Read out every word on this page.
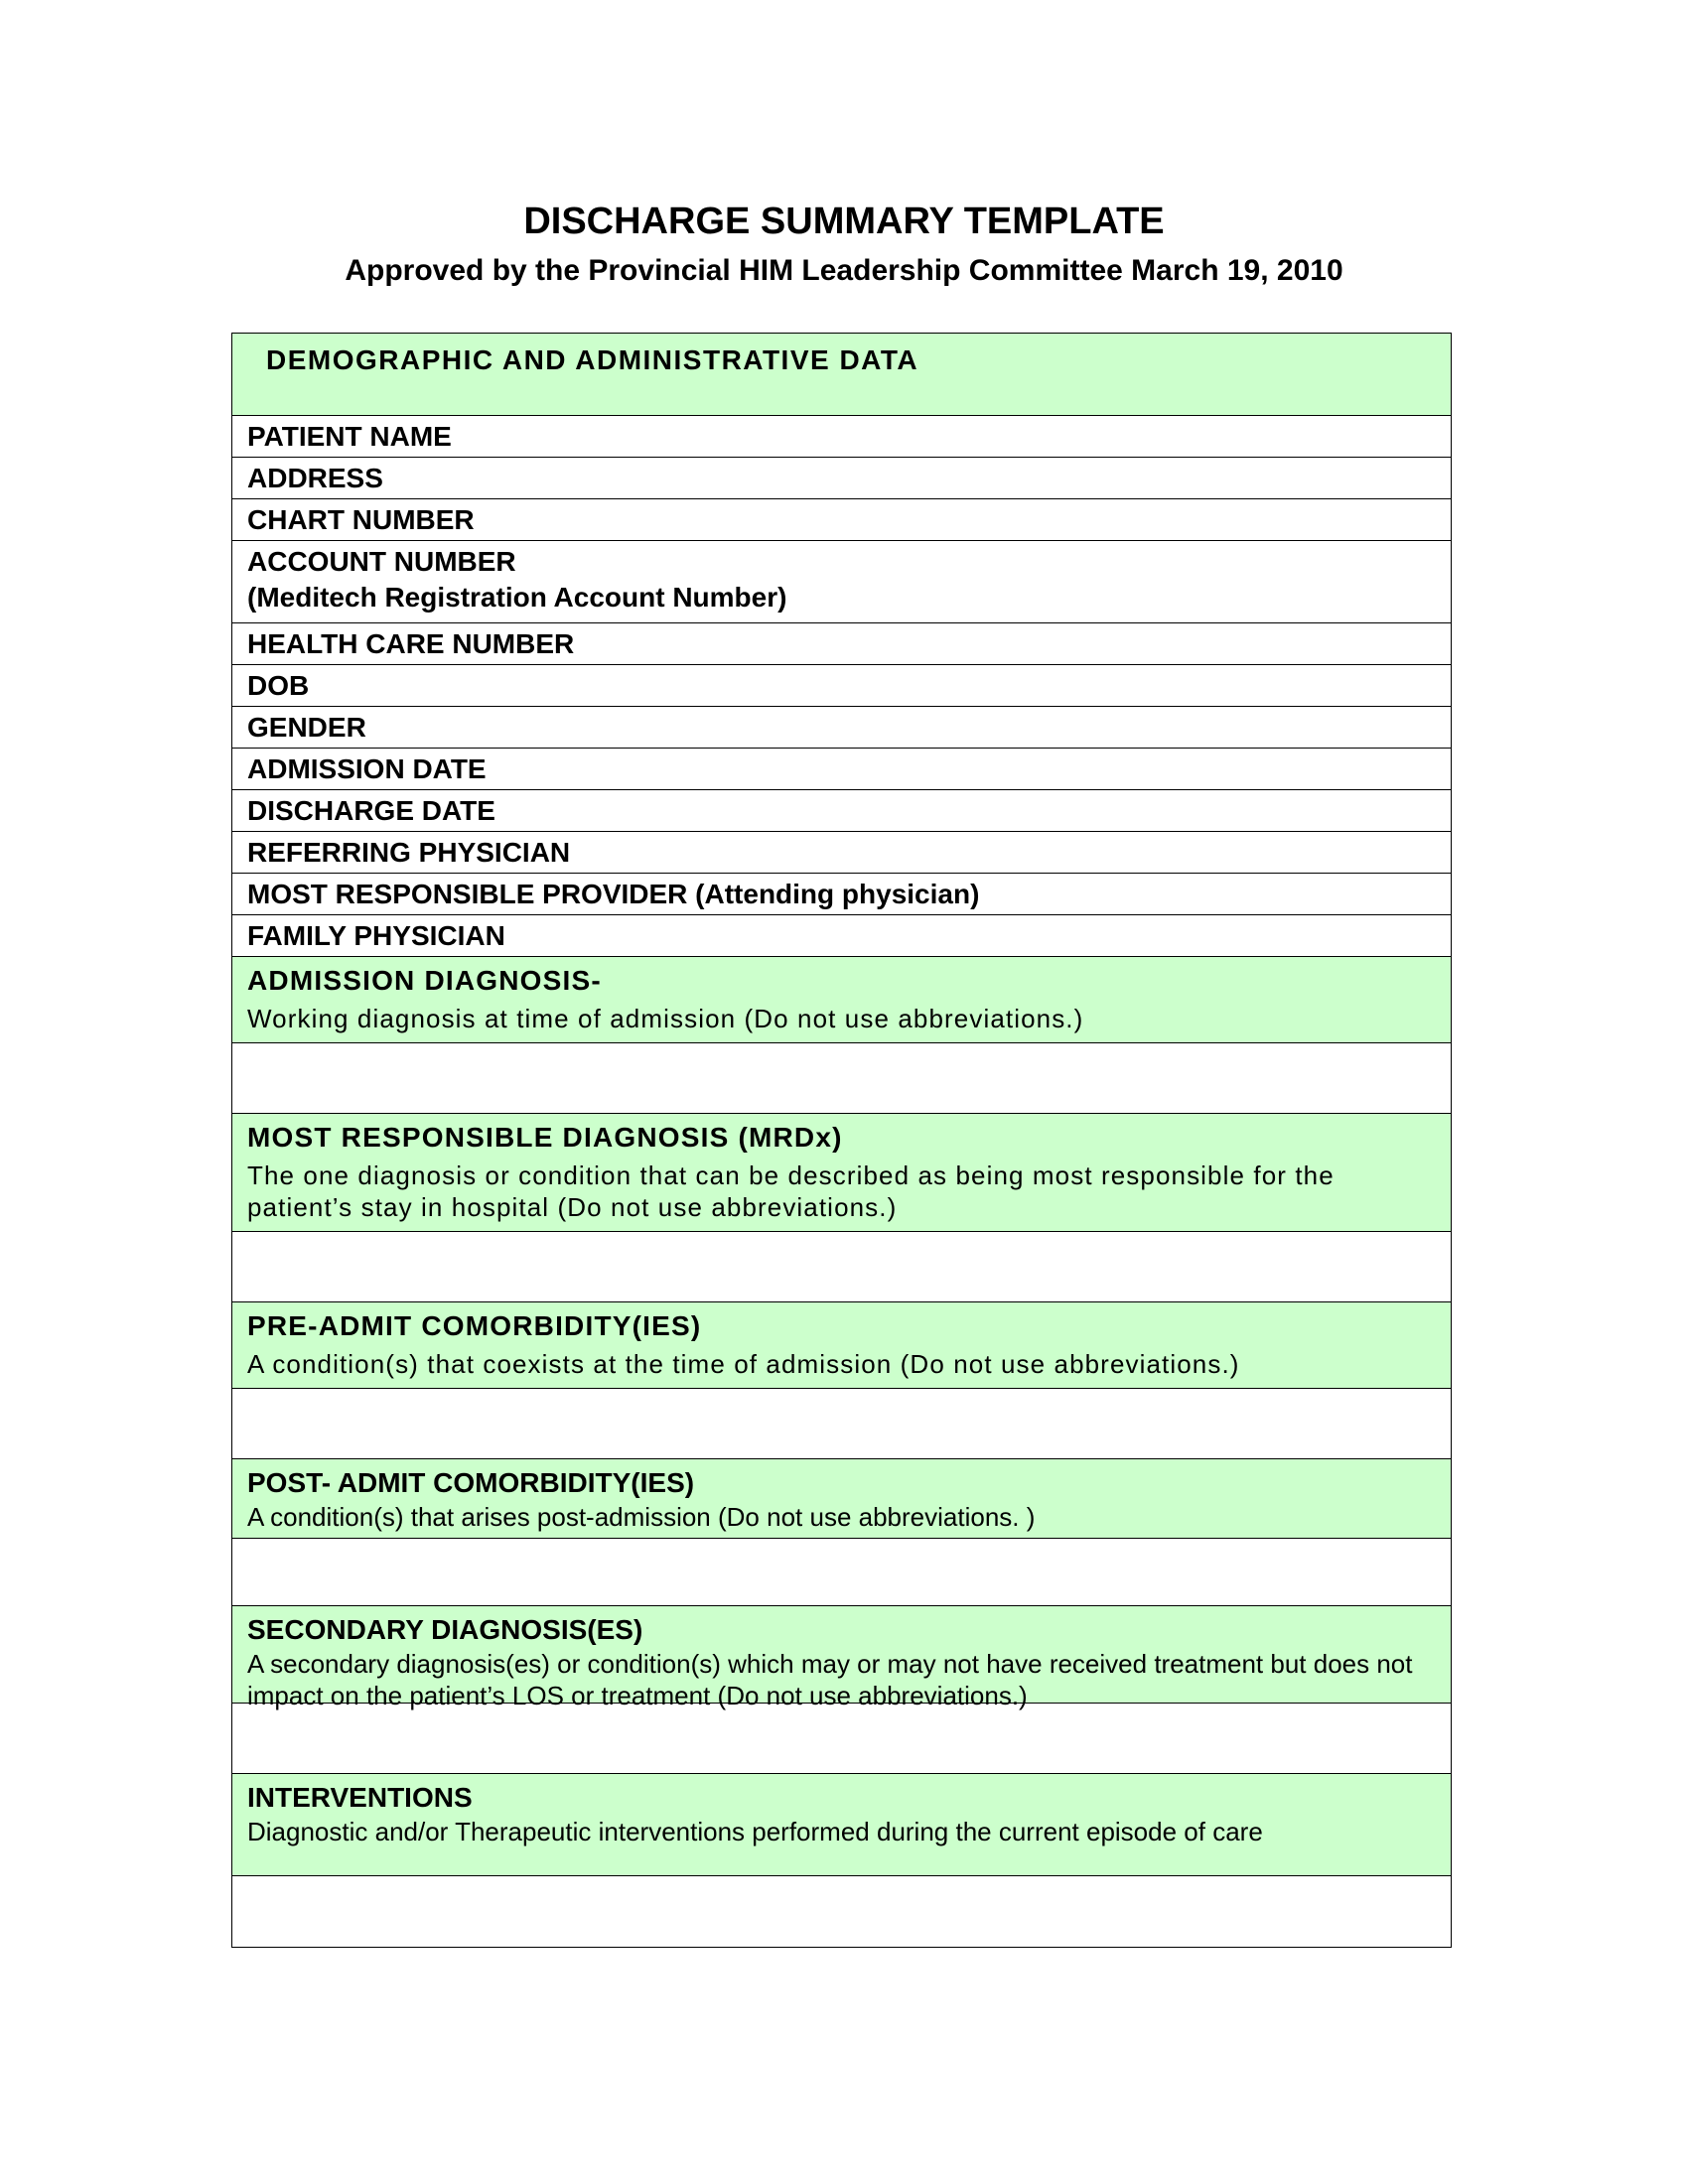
DISCHARGE SUMMARY TEMPLATE
Approved by the Provincial HIM Leadership Committee March 19, 2010
DEMOGRAPHIC AND ADMINISTRATIVE DATA
PATIENT NAME
ADDRESS
CHART NUMBER
ACCOUNT NUMBER
(Meditech Registration Account Number)
HEALTH CARE NUMBER
DOB
GENDER
ADMISSION DATE
DISCHARGE DATE
REFERRING PHYSICIAN
MOST RESPONSIBLE PROVIDER (Attending physician)
FAMILY PHYSICIAN
ADMISSION DIAGNOSIS-
Working diagnosis at time of admission (Do not use abbreviations.)
MOST RESPONSIBLE DIAGNOSIS (MRDx)
The one diagnosis or condition that can be described as being most responsible for the patient’s stay in hospital (Do not use abbreviations.)
PRE-ADMIT COMORBIDITY(IES)
A condition(s) that coexists at the time of admission (Do not use abbreviations.)
POST- ADMIT COMORBIDITY(IES)
A condition(s) that arises post-admission (Do not use abbreviations. )
SECONDARY DIAGNOSIS(ES)
A secondary diagnosis(es) or condition(s) which may or may not have received treatment but does not impact on the patient’s LOS or treatment (Do not use abbreviations.)
INTERVENTIONS
Diagnostic and/or Therapeutic interventions performed during the current episode of care
